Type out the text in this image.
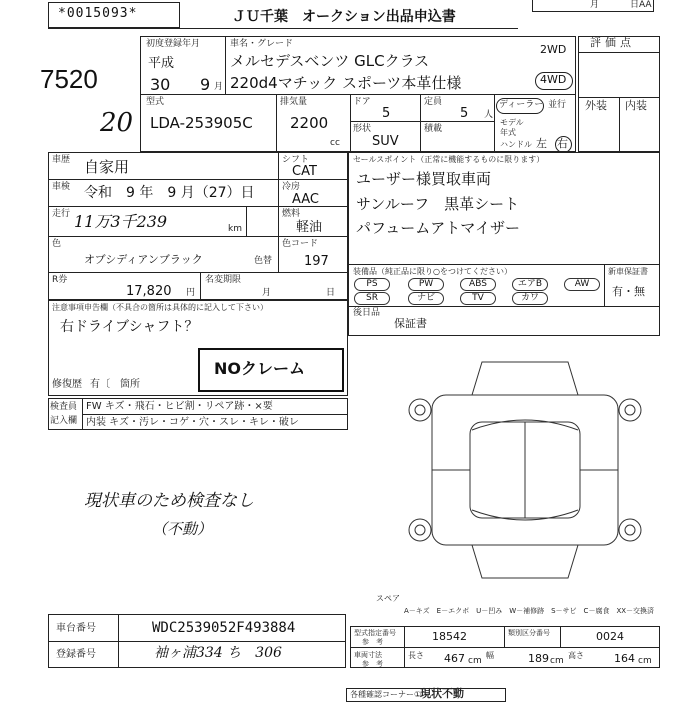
*0015093*	ＪＵ千葉　オークション出品申込書
月	日AA
7520
20
評価点
外装 内装
初度登録年月
平成
30 9 月
車名・グレード
メルセデスベンツ GLCクラス
220d4マチック スポーツ本革仕様
2WD
4WD
型式
LDA-253905C
排気量
2200
cc
ドア
5
定員
5 人
形状
SUV
積載
ディーラー 並行
モデル年式
ハンドル 左 右
車歴 自家用	シフト
CAT
車検 令和　9 年　9 月（27）日	冷房
AAC
走行 11万3千239	km
燃料
軽油
色
オブシディアンブラック	色替
色コード
197
R券
17,820 円
名変期限
月	日
セールスポイント（正常に機能するものに限ります）
ユーザー様買取車両
サンルーフ　黒革シート
パフュームアトマイザー
装備品（純正品に限り○をつけてください）	新車保証書
有・無
PS	PW	ABS	エアB	AW
SR	ナビ	TV	カワ
後日品
保証書
注意事項申告欄（不具合の箇所は具体的に記入して下さい）
右ドライブシャフト？
NOクレーム
修復歴 有〔　箇所
検査員
記入欄
FW キズ・飛石・ヒビ割・リペア跡・×要
内装 キズ・汚レ・コゲ・穴・スレ・キレ・破レ
現状車のため検査なし
（不動）
スペア
A－キズ　E－エクボ　U－凹み　W－補修跡　S－サビ　C－腐食　XX－交換済
車台番号	WDC2539052F493884
登録番号	袖ヶ浦334 ち　306
型式指定番号
参　考	18542	類別区分番号	0024
車両寸法
参　考
長さ 467 cm
幅	189 cm
高さ	164 cm
各種確認コーナー①
現状不動
